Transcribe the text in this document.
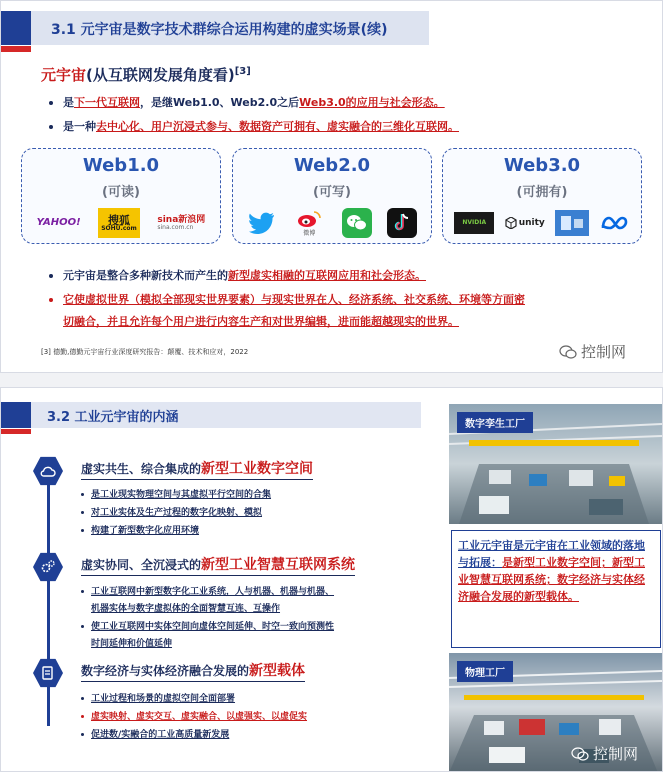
3.1 元宇宙是数字技术群综合运用构建的虚实场景(续)
元宇宙(从互联网发展角度看)[3]
是下一代互联网，是继Web1.0、Web2.0之后Web3.0的应用与社会形态。
是一种去中心化、用户沉浸式参与、数据资产可拥有、虚实融合的三维化互联网。
Web1.0
(可读)
YAHOO! 搜狐
SOHU.com
sina新浪网
sina.com.cn
Web2.0
(可写)
微博
Web3.0
(可拥有)
NVIDIA	unity
元宇宙是整合多种新技术而产生的新型虚实相融的互联网应用和社会形态。
它使虚拟世界（模拟全部现实世界要素）与现实世界在人、经济系统、社交系统、环境等方面密
切融合，并且允许每个用户进行内容生产和对世界编辑，进而能超越现实的世界。
[3] 德勤,德勤元宇宙行业深度研究报告：颠覆、技术和应对，2022	控制网
3.2 工业元宇宙的内涵
虚实共生、综合集成的新型工业数字空间
是工业现实物理空间与其虚拟平行空间的合集
对工业实体及生产过程的数字化映射、模拟
构建了新型数字化应用环境
虚实协同、全沉浸式的新型工业智慧互联网系统
工业互联网中新型数字化工业系统，人与机器、机器与机器、
机器实体与数字虚拟体的全面智慧互连、互操作
使工业互联网中实体空间向虚体空间延伸、时空一致向预测性
时间延伸和价值延伸
数字经济与实体经济融合发展的新型载体
工业过程和场景的虚拟空间全面部署
虚实映射、虚实交互、虚实融合、以虚强实、以虚促实
促进数/实融合的工业高质量新发展
数字孪生工厂
工业元宇宙是元宇宙在工业领域的落地与拓展：是新型工业数字空间；新型工业智慧互联网系统；数字经济与实体经济融合发展的新型载体。
物理工厂
控制网
